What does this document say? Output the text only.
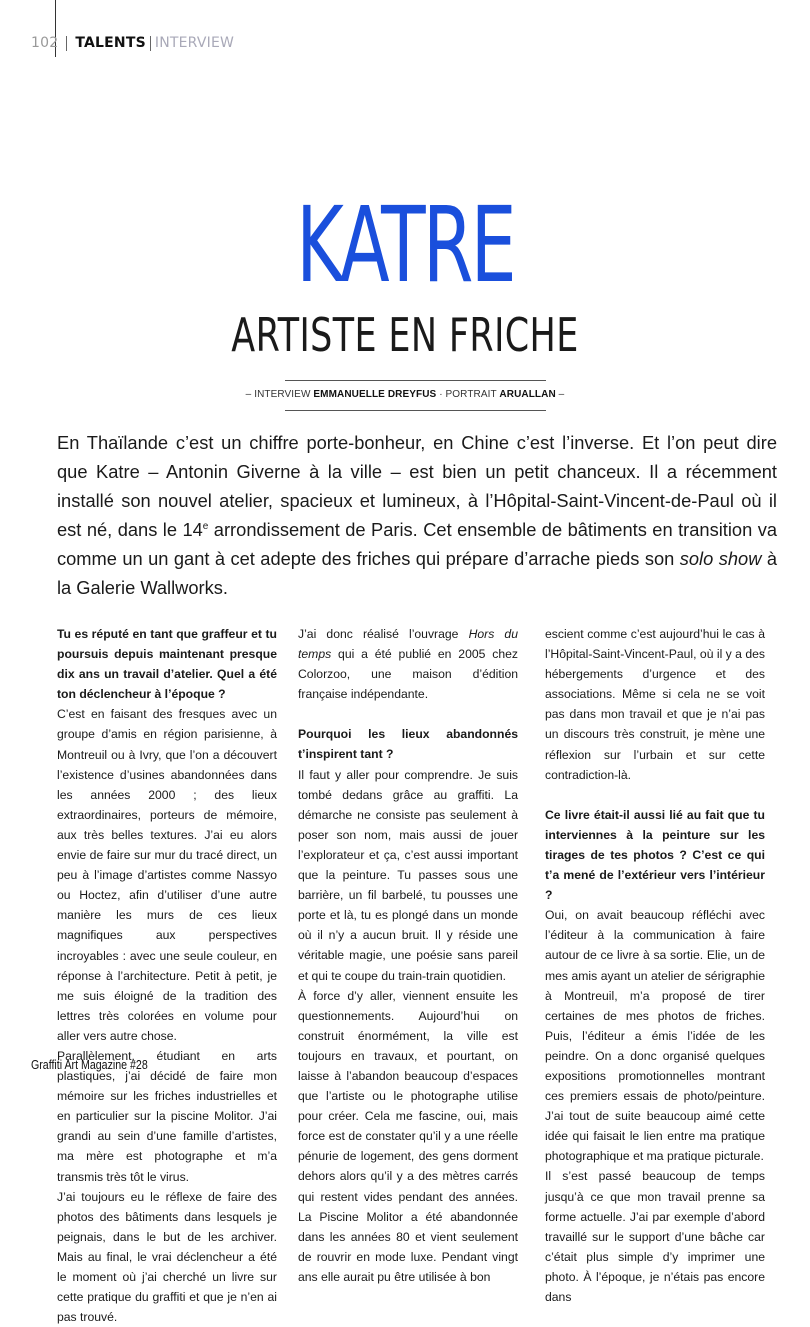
102 TALENTS INTERVIEW
KATRE
ARTISTE EN FRICHE
– INTERVIEW EMMANUELLE DREYFUS · PORTRAIT ARUALLAN –

En Thaïlande c’est un chiffre porte-bonheur, en Chine c’est l’inverse. Et l’on peut dire que Katre – Antonin Giverne à la ville – est bien un petit chanceux. Il a récemment installé son nouvel atelier, spacieux et lumineux, à l’Hôpital-Saint-Vincent-de-Paul où il est né, dans le 14e arrondissement de Paris. Cet ensemble de bâtiments en transition va comme un un gant à cet adepte des friches qui prépare d’arrache pieds son solo show à la Galerie Wallworks.

Tu es réputé en tant que graffeur et tu poursuis depuis maintenant presque dix ans un travail d’atelier. Quel a été ton déclencheur à l’époque ?

C’est en faisant des fresques avec un groupe d’amis en région parisienne, à Montreuil ou à Ivry, que l’on a découvert l’existence d’usines abandonnées dans les années 2000 ; des lieux extraordinaires, porteurs de mémoire, aux très belles textures. J’ai eu alors envie de faire sur mur du tracé direct, un peu à l’image d’artistes comme Nassyo ou Hoctez, afin d’utiliser d’une autre manière les murs de ces lieux magnifiques aux perspectives incroyables : avec une seule couleur, en réponse à l’architecture. Petit à petit, je me suis éloigné de la tradition des lettres très colorées en volume pour aller vers autre chose.

Parallèlement, étudiant en arts plastiques, j’ai décidé de faire mon mémoire sur les friches industrielles et en particulier sur la piscine Molitor. J’ai grandi au sein d’une famille d’artistes, ma mère est photographe et m’a transmis très tôt le virus.

J’ai toujours eu le réflexe de faire des photos des bâtiments dans lesquels je peignais, dans le but de les archiver. Mais au final, le vrai déclencheur a été le moment où j’ai cherché un livre sur cette pratique du graffiti et que je n’en ai pas trouvé.

J’ai donc réalisé l’ouvrage Hors du temps qui a été publié en 2005 chez Colorzoo, une maison d’édition française indépendante.

Pourquoi les lieux abandonnés t’inspirent tant ?

Il faut y aller pour comprendre. Je suis tombé dedans grâce au graffiti. La démarche ne consiste pas seulement à poser son nom, mais aussi de jouer l’explorateur et ça, c’est aussi important que la peinture. Tu passes sous une barrière, un fil barbelé, tu pousses une porte et là, tu es plongé dans un monde où il n’y a aucun bruit. Il y réside une véritable magie, une poésie sans pareil et qui te coupe du train-train quotidien.

À force d’y aller, viennent ensuite les questionnements. Aujourd’hui on construit énormément, la ville est toujours en travaux, et pourtant, on laisse à l’abandon beaucoup d’espaces que l’artiste ou le photographe utilise pour créer. Cela me fascine, oui, mais force est de constater qu’il y a une réelle pénurie de logement, des gens dorment dehors alors qu’il y a des mètres carrés qui restent vides pendant des années. La Piscine Molitor a été abandonnée dans les années 80 et vient seulement de rouvrir en mode luxe. Pendant vingt ans elle aurait pu être utilisée à bon

escient comme c’est aujourd’hui le cas à l’Hôpital-Saint-Vincent-Paul, où il y a des hébergements d’urgence et des associations. Même si cela ne se voit pas dans mon travail et que je n’ai pas un discours très construit, je mène une réflexion sur l’urbain et sur cette contradiction-là.

Ce livre était-il aussi lié au fait que tu interviennes à la peinture sur les tirages de tes photos ? C’est ce qui t’a mené de l’extérieur vers l’intérieur ?

Oui, on avait beaucoup réfléchi avec l’éditeur à la communication à faire autour de ce livre à sa sortie. Elie, un de mes amis ayant un atelier de sérigraphie à Montreuil, m’a proposé de tirer certaines de mes photos de friches. Puis, l’éditeur a émis l’idée de les peindre. On a donc organisé quelques expositions promotionnelles montrant ces premiers essais de photo/peinture. J’ai tout de suite beaucoup aimé cette idée qui faisait le lien entre ma pratique photographique et ma pratique picturale.

Il s’est passé beaucoup de temps jusqu’à ce que mon travail prenne sa forme actuelle. J’ai par exemple d’abord travaillé sur le support d’une bâche car c’était plus simple d’y imprimer une photo. À l’époque, je n’étais pas encore dans

Graffiti Art Magazine #28
